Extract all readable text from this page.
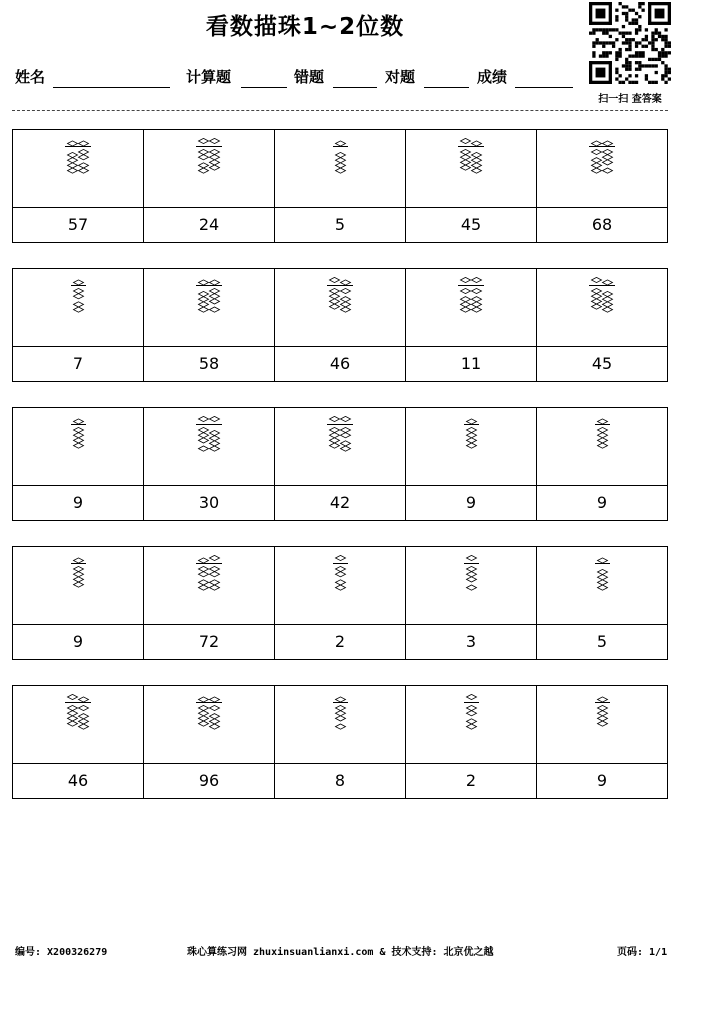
看数描珠1~2位数
扫一扫 查答案
姓名	计算题	错题	对题	成绩

57	24	5	45	68

7	58	46	11	45

9	30	42	9	9

9	72	2	3	5

46	96	8	2	9
编号: X200326279	珠心算练习网 zhuxinsuanlianxi.com & 技术支持: 北京优之越	页码: 1/1
